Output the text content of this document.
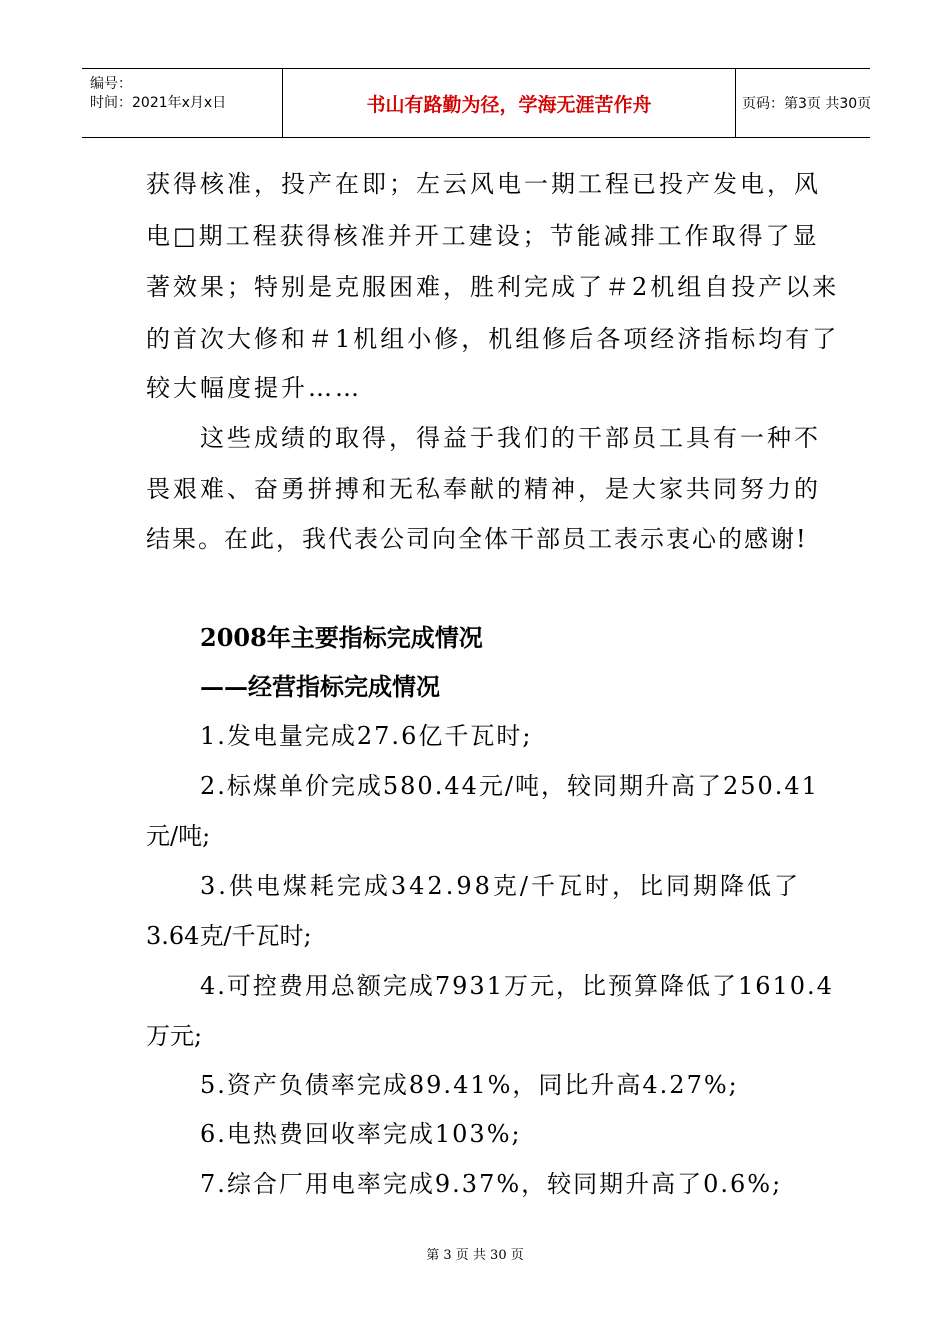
编号：
时间：2021年x月x日	书山有路勤为径，学海无涯苦作舟	页码：第3页 共30页
获得核准，投产在即；左云风电一期工程已投产发电，风
电□期工程获得核准并开工建设；节能减排工作取得了显
著效果；特别是克服困难，胜利完成了＃2机组自投产以来
的首次大修和＃1机组小修，机组修后各项经济指标均有了
较大幅度提升……
这些成绩的取得，得益于我们的干部员工具有一种不
畏艰难、奋勇拼搏和无私奉献的精神，是大家共同努力的
结果。在此，我代表公司向全体干部员工表示衷心的感谢!
2008年主要指标完成情况
——经营指标完成情况
1.发电量完成27.6亿千瓦时;
2.标煤单价完成580.44元/吨，较同期升高了250.41
元/吨;
3.供电煤耗完成342.98克/千瓦时，比同期降低了
3.64克/千瓦时;
4.可控费用总额完成7931万元，比预算降低了1610.4
万元;
5.资产负债率完成89.41%，同比升高4.27%;
6.电热费回收率完成103%;
7.综合厂用电率完成9.37%，较同期升高了0.6%;
第 3 页 共 30 页
